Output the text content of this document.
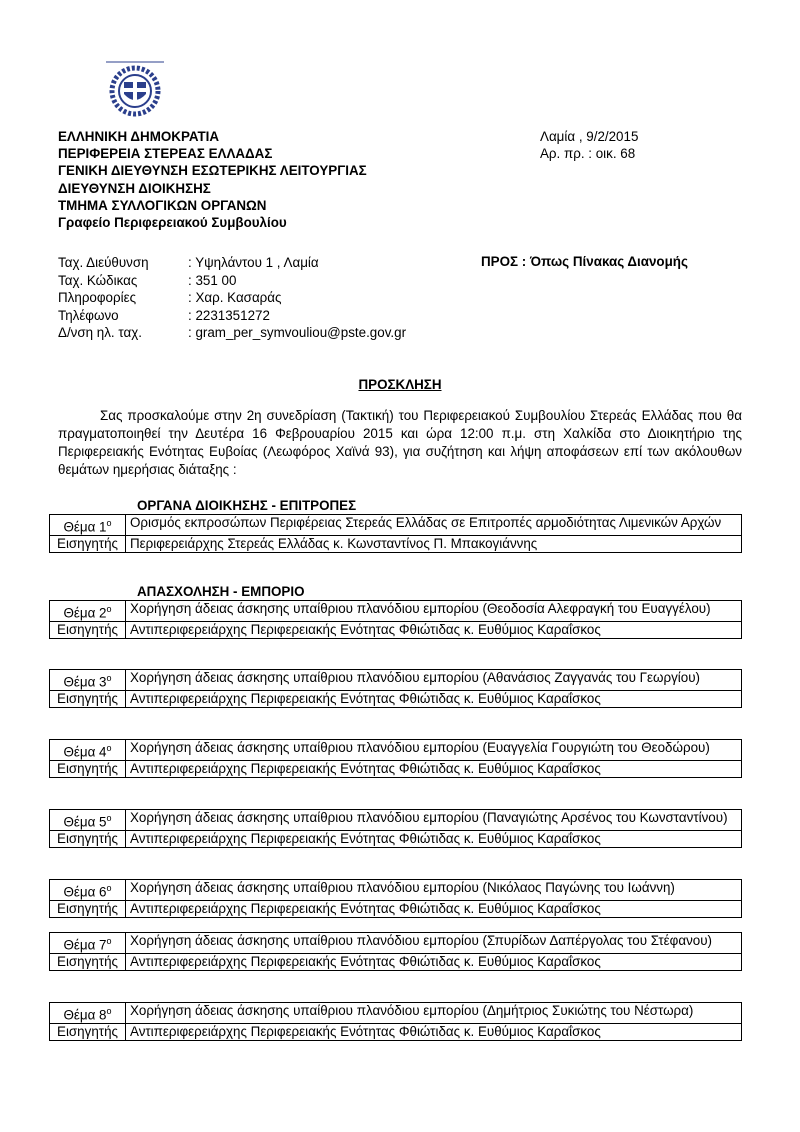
ΕΛΛΗΝΙΚΗ ΔΗΜΟΚΡΑΤΙΑ
ΠΕΡΙΦΕΡΕΙΑ ΣΤΕΡΕΑΣ ΕΛΛΑΔΑΣ
ΓΕΝΙΚΗ ΔΙΕΥΘΥΝΣΗ ΕΣΩΤΕΡΙΚΗΣ ΛΕΙΤΟΥΡΓΙΑΣ
ΔΙΕΥΘΥΝΣΗ ΔΙΟΙΚΗΣΗΣ
ΤΜΗΜΑ ΣΥΛΛΟΓΙΚΩΝ ΟΡΓΑΝΩΝ
Γραφείο Περιφερειακού Συμβουλίου
Λαμία , 9/2/2015
Αρ. πρ. : οικ. 68
Ταχ. Διεύθυνση	: Υψηλάντου 1 , Λαμία
Ταχ. Κώδικας	: 351 00
Πληροφορίες	: Χαρ. Κασαράς
Τηλέφωνο	: 2231351272
Δ/νση ηλ. ταχ.	: gram_per_symvouliou@pste.gov.gr
ΠΡΟΣ : Όπως Πίνακας Διανομής
ΠΡΟΣΚΛΗΣΗ
Σας προσκαλούμε στην 2η συνεδρίαση (Τακτική) του Περιφερειακού Συμβουλίου Στερεάς Ελλάδας που θα πραγματοποιηθεί την Δευτέρα 16 Φεβρουαρίου 2015 και ώρα 12:00 π.μ. στη Χαλκίδα στο Διοικητήριο της Περιφερειακής Ενότητας Ευβοίας (Λεωφόρος Χαϊνά 93), για συζήτηση και λήψη αποφάσεων επί των ακόλουθων θεμάτων ημερήσιας διάταξης :
ΟΡΓΑΝΑ ΔΙΟΙΚΗΣΗΣ - ΕΠΙΤΡΟΠΕΣ
Θέμα $1^o$	Ορισμός εκπροσώπων Περιφέρειας Στερεάς Ελλάδας σε Επιτροπές αρμοδιότητας Λιμενικών Αρχών
Εισηγητής	Περιφερειάρχης Στερεάς Ελλάδας κ. Κωνσταντίνος Π. Μπακογιάννης
ΑΠΑΣΧΟΛΗΣΗ - ΕΜΠΟΡΙΟ
Θέμα $2^o$	Χορήγηση άδειας άσκησης υπαίθριου πλανόδιου εμπορίου (Θεοδοσία Αλεφραγκή του Ευαγγέλου)
Εισηγητής	Αντιπεριφερειάρχης Περιφερειακής Ενότητας Φθιώτιδας κ. Ευθύμιος Καραΐσκος
Θέμα $3^o$	Χορήγηση άδειας άσκησης υπαίθριου πλανόδιου εμπορίου (Αθανάσιος Ζαγγανάς του Γεωργίου)
Εισηγητής	Αντιπεριφερειάρχης Περιφερειακής Ενότητας Φθιώτιδας κ. Ευθύμιος Καραΐσκος
Θέμα $4^o$	Χορήγηση άδειας άσκησης υπαίθριου πλανόδιου εμπορίου (Ευαγγελία Γουργιώτη του Θεοδώρου)
Εισηγητής	Αντιπεριφερειάρχης Περιφερειακής Ενότητας Φθιώτιδας κ. Ευθύμιος Καραΐσκος
Θέμα $5^o$	Χορήγηση άδειας άσκησης υπαίθριου πλανόδιου εμπορίου (Παναγιώτης Αρσένος του Κωνσταντίνου)
Εισηγητής	Αντιπεριφερειάρχης Περιφερειακής Ενότητας Φθιώτιδας κ. Ευθύμιος Καραΐσκος
Θέμα $6^o$	Χορήγηση άδειας άσκησης υπαίθριου πλανόδιου εμπορίου (Νικόλαος Παγώνης του Ιωάννη)
Εισηγητής	Αντιπεριφερειάρχης Περιφερειακής Ενότητας Φθιώτιδας κ. Ευθύμιος Καραΐσκος
Θέμα $7^o$	Χορήγηση άδειας άσκησης υπαίθριου πλανόδιου εμπορίου (Σπυρίδων Δαπέργολας του Στέφανου)
Εισηγητής	Αντιπεριφερειάρχης Περιφερειακής Ενότητας Φθιώτιδας κ. Ευθύμιος Καραΐσκος
Θέμα $8^o$	Χορήγηση άδειας άσκησης υπαίθριου πλανόδιου εμπορίου (Δημήτριος Συκιώτης του Νέστωρα)
Εισηγητής	Αντιπεριφερειάρχης Περιφερειακής Ενότητας Φθιώτιδας κ. Ευθύμιος Καραΐσκος
